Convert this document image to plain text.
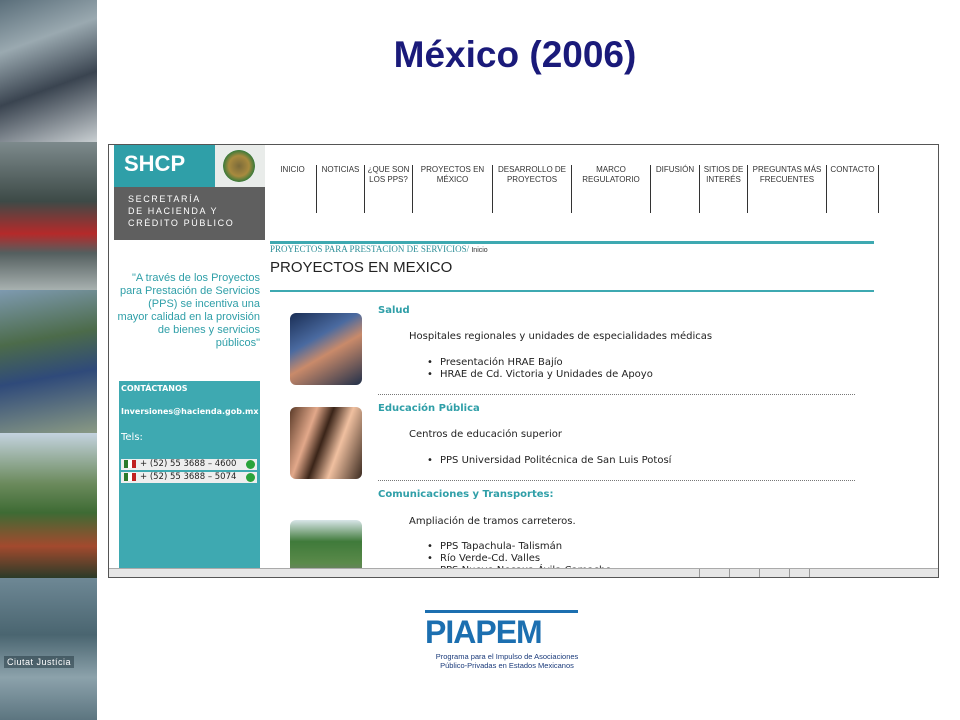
Ciutat Justícia
México (2006)
SHCP
SECRETARÍA
DE HACIENDA Y
CRÉDITO PÚBLICO
"A través de los Proyectos para Prestación de Servicios (PPS) se incentiva una mayor calidad en la provisión de bienes y servicios públicos"
CONTÁCTANOS
Inversiones@hacienda.gob.mx
Tels:
+ (52) 55 3688 – 4600
+ (52) 55 3688 – 5074
INICIO	NOTICIAS	¿QUE SON
LOS PPS?
PROYECTOS EN
MÉXICO
DESARROLLO DE
PROYECTOS
MARCO
REGULATORIO
DIFUSIÓN	SITIOS DE
INTERÉS
PREGUNTAS MÁS
FRECUENTES
CONTACTO
PROYECTOS PARA PRESTACION DE SERVICIOS/ Inicio
PROYECTOS EN MEXICO
Salud
Hospitales regionales y unidades de especialidades médicas
• Presentación HRAE Bajío
• HRAE de Cd. Victoria y Unidades de Apoyo
Educación Pública
Centros de educación superior
• PPS Universidad Politécnica de San Luis Potosí
Comunicaciones y Transportes:
Ampliación de tramos carreteros.
• PPS Tapachula- Talismán
• Río Verde-Cd. Valles
•
PIAPEM
Programa para el Impulso de Asociaciones
Público-Privadas en Estados Mexicanos
